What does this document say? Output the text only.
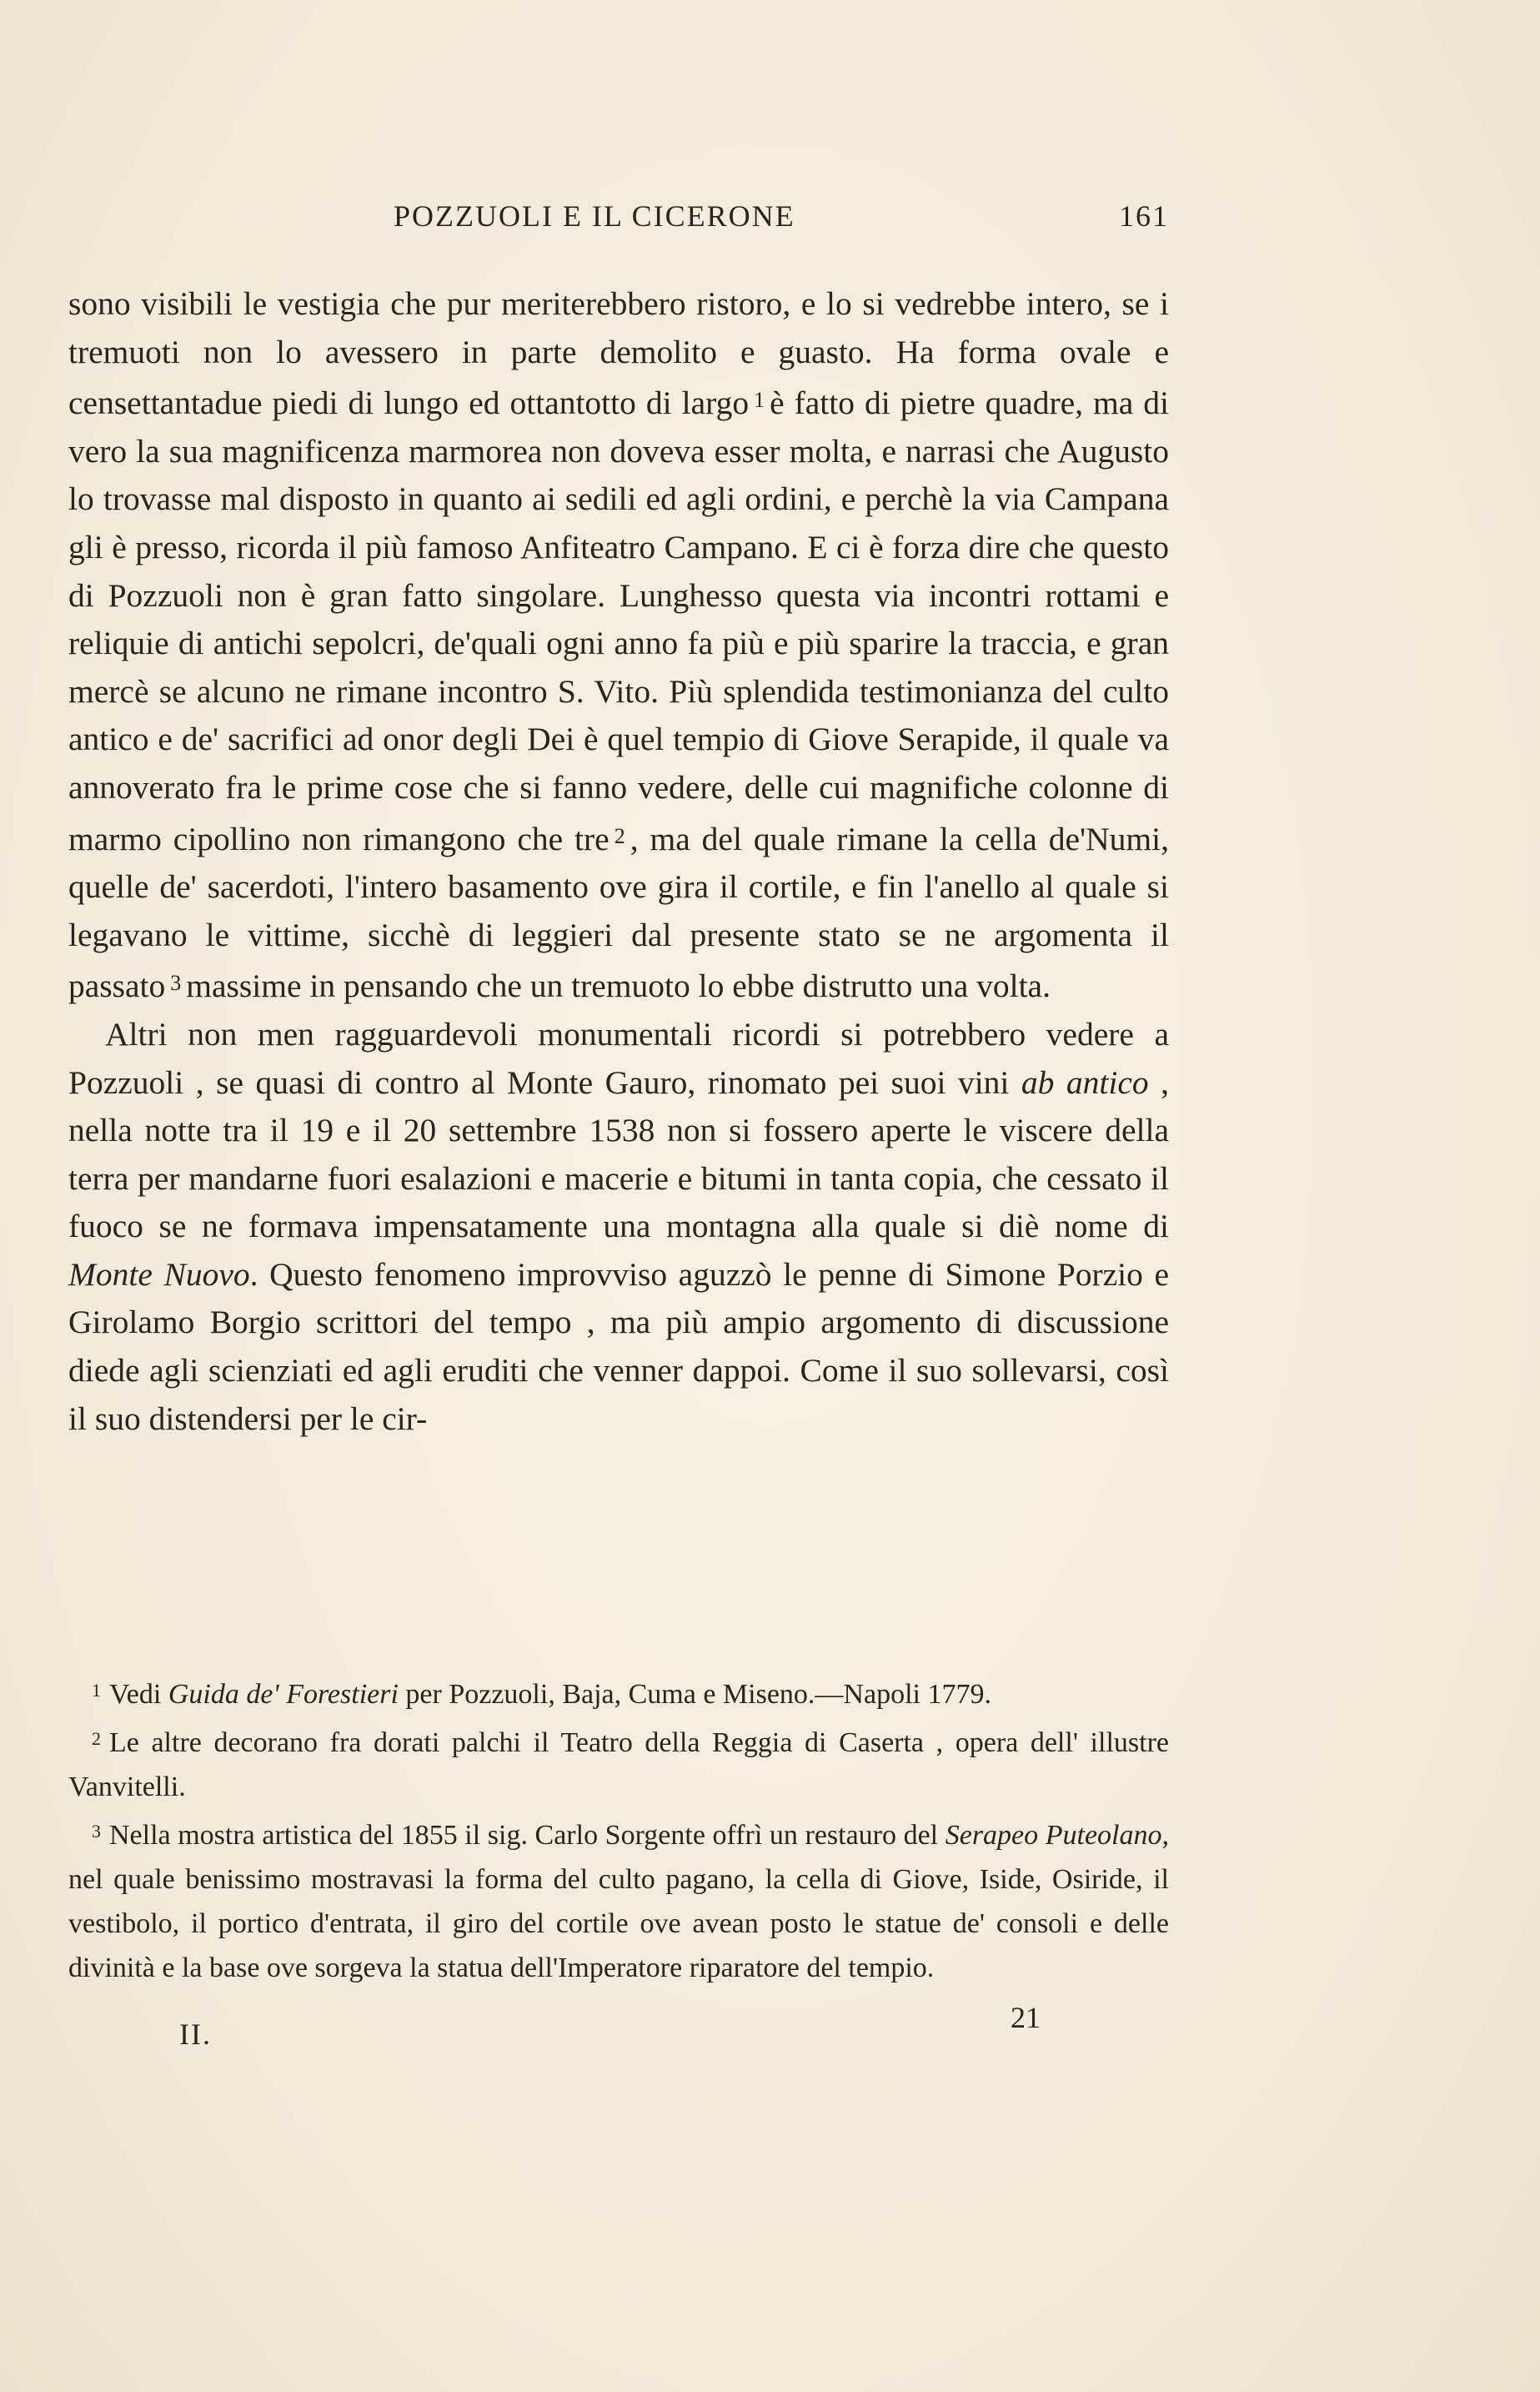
POZZUOLI E IL CICERONE	161

sono visibili le vestigia che pur meriterebbero ristoro, e lo si vedrebbe intero, se i tremuoti non lo avessero in parte demolito e guasto. Ha forma ovale e censettantadue piedi di lungo ed ottantotto di largo $^1$ è fatto di pietre quadre, ma di vero la sua magnificenza marmorea non doveva esser molta, e narrasi che Augusto lo trovasse mal disposto in quanto ai sedili ed agli ordini, e perchè la via Campana gli è presso, ricorda il più famoso Anfiteatro Campano. E ci è forza dire che questo di Pozzuoli non è gran fatto singolare. Lunghesso questa via incontri rottami e reliquie di antichi sepolcri, de'quali ogni anno fa più e più sparire la traccia, e gran mercè se alcuno ne rimane incontro S. Vito. Più splendida testimonianza del culto antico e de' sacrifici ad onor degli Dei è quel tempio di Giove Serapide, il quale va annoverato fra le prime cose che si fanno vedere, delle cui magnifiche colonne di marmo cipollino non rimangono che tre $^2$ , ma del quale rimane la cella de'Numi, quelle de' sacerdoti, l'intero basamento ove gira il cortile, e fin l'anello al quale si legavano le vittime, sicchè di leggieri dal presente stato se ne argomenta il passato $^3$ massime in pensando che un tremuoto lo ebbe distrutto una volta.

Altri non men ragguardevoli monumentali ricordi si potrebbero vedere a Pozzuoli , se quasi di contro al Monte Gauro, rinomato pei suoi vini ab antico , nella notte tra il 19 e il 20 settembre 1538 non si fossero aperte le viscere della terra per mandarne fuori esalazioni e macerie e bitumi in tanta copia, che cessato il fuoco se ne formava impensatamente una montagna alla quale si diè nome di Monte Nuovo. Questo fenomeno improvviso aguzzò le penne di Simone Porzio e Girolamo Borgio scrittori del tempo , ma più ampio argomento di discussione diede agli scienziati ed agli eruditi che venner dappoi. Come il suo sollevarsi, così il suo distendersi per le cir-

$^1$ Vedi Guida de' Forestieri per Pozzuoli, Baja, Cuma e Miseno.—Napoli 1779.

$^2$ Le altre decorano fra dorati palchi il Teatro della Reggia di Caserta , opera dell' illustre Vanvitelli.

$^3$ Nella mostra artistica del 1855 il sig. Carlo Sorgente offrì un restauro del Serapeo Puteolano, nel quale benissimo mostravasi la forma del culto pagano, la cella di Giove, Iside, Osiride, il vestibolo, il portico d'entrata, il giro del cortile ove avean posto le statue de' consoli e delle divinità e la base ove sorgeva la statua dell'Imperatore riparatore del tempio.

II.	21
